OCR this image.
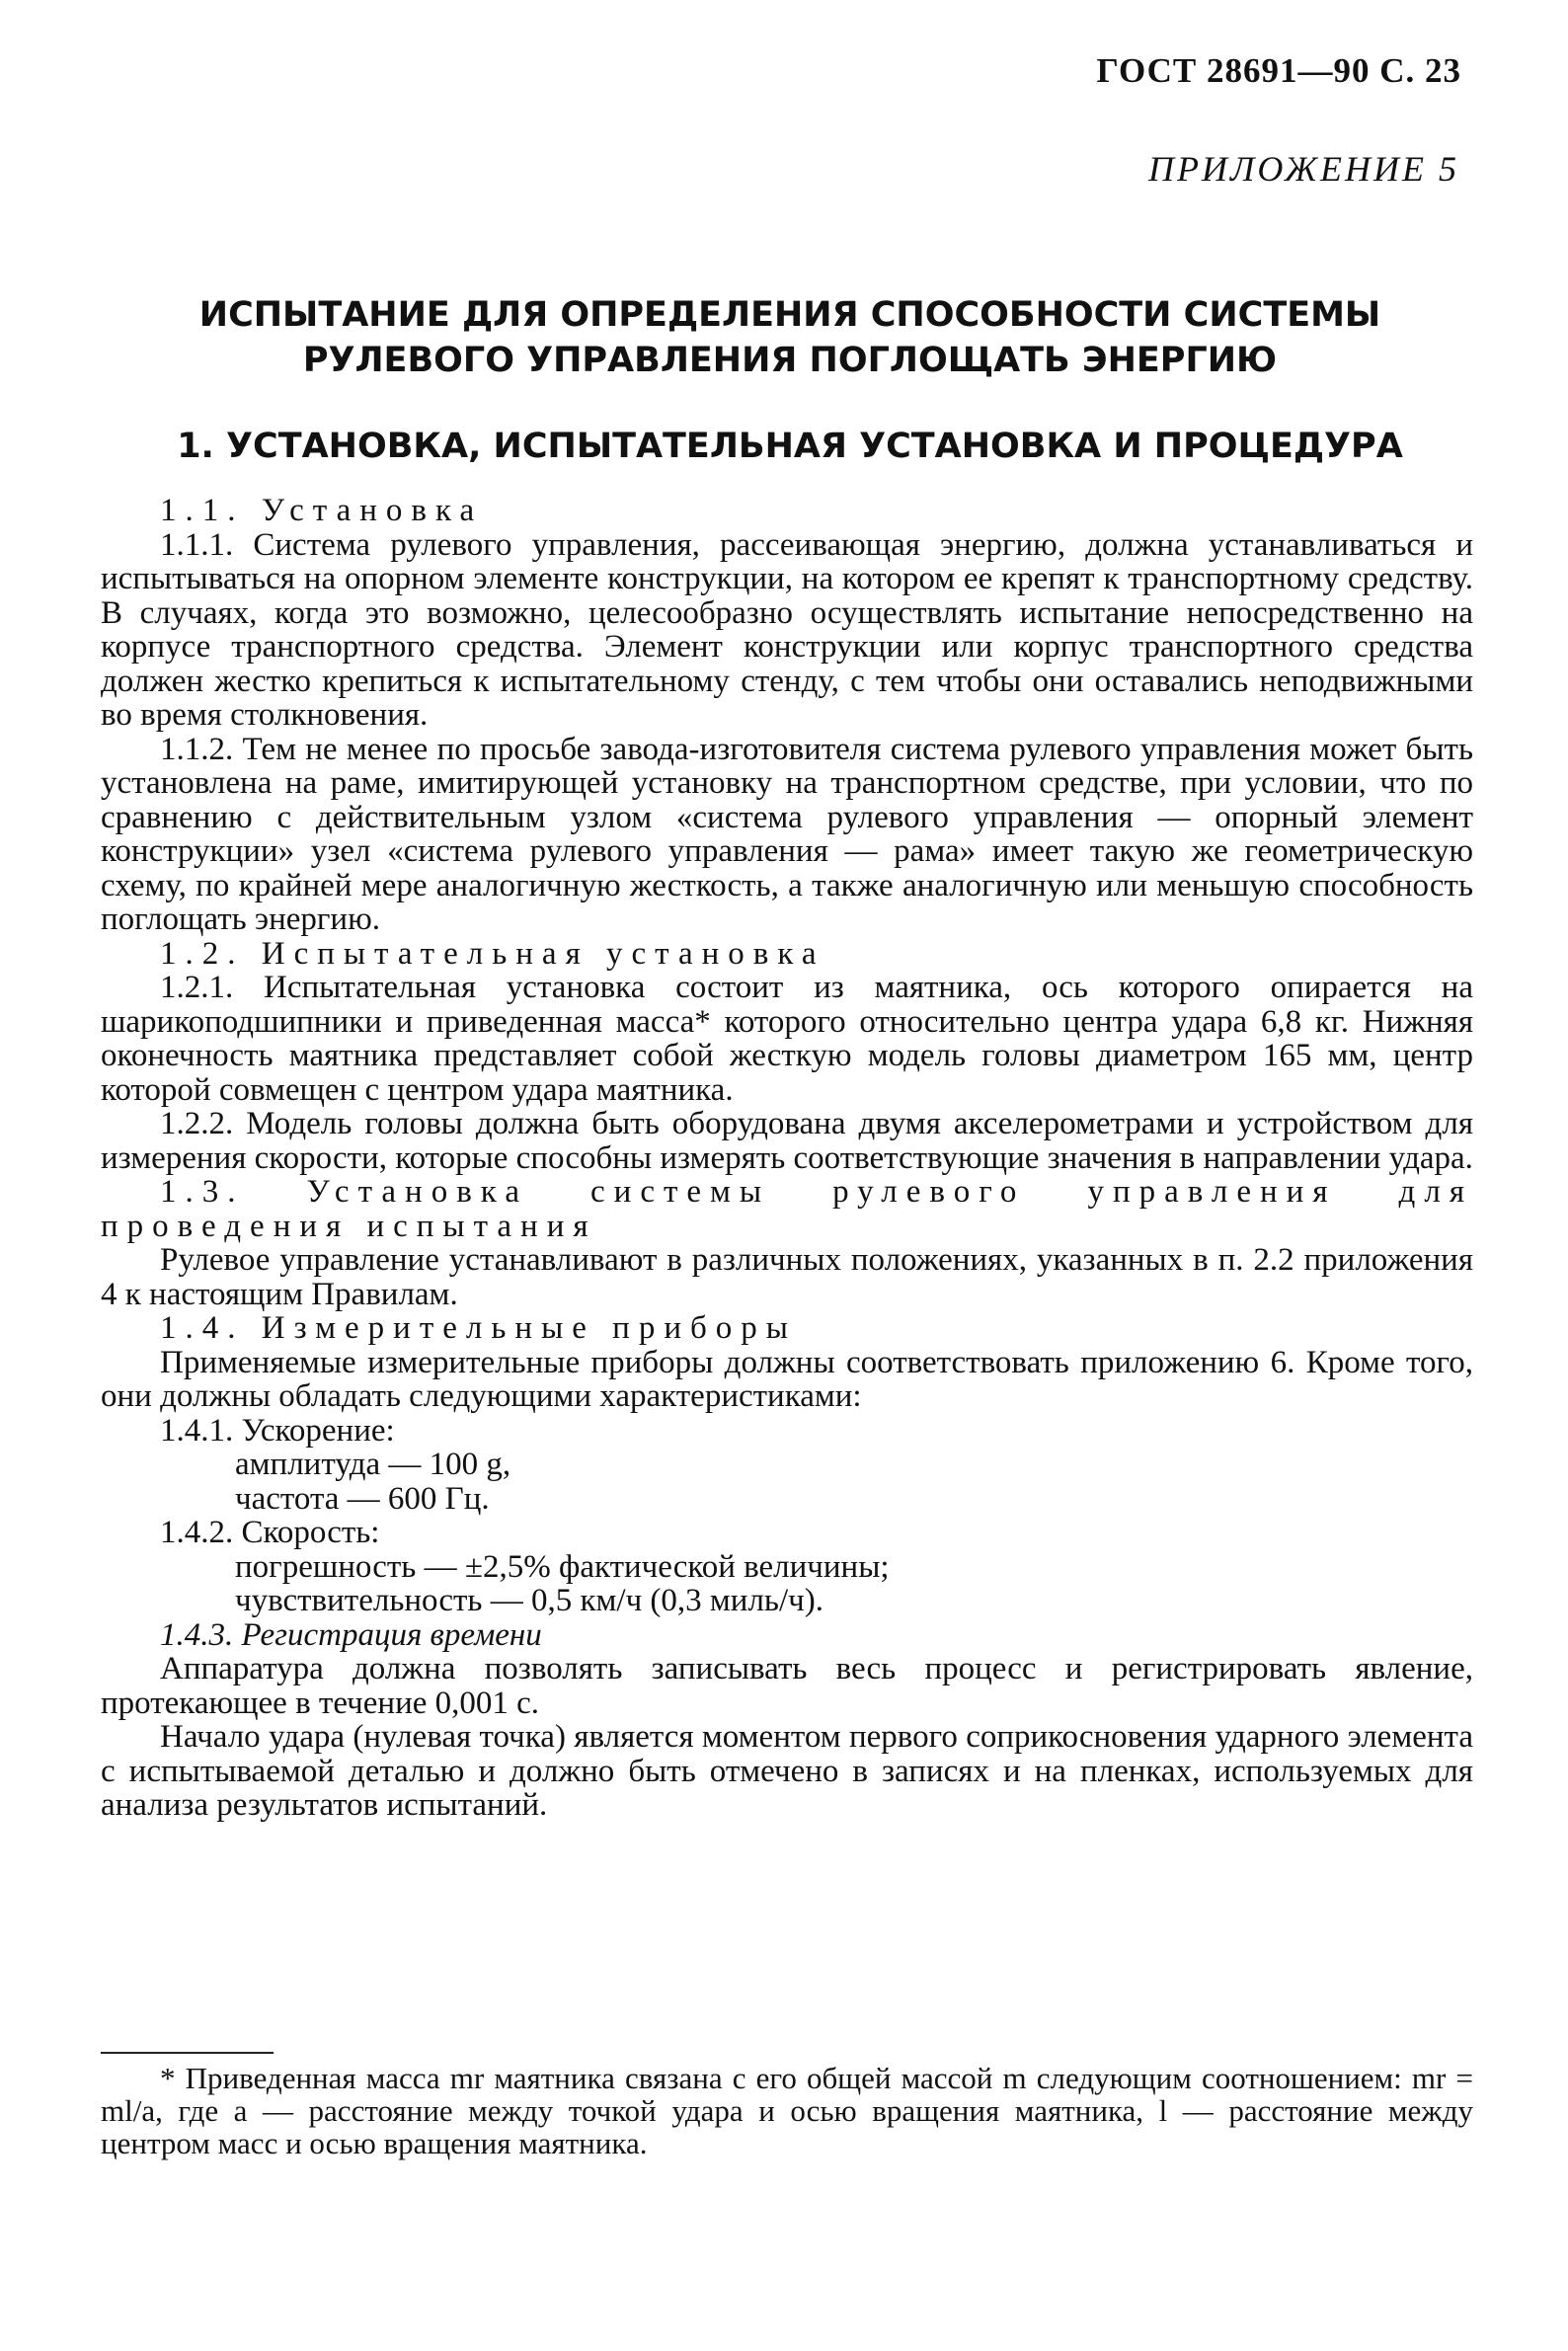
ГОСТ 28691—90 С. 23
ПРИЛОЖЕНИЕ 5
ИСПЫТАНИЕ ДЛЯ ОПРЕДЕЛЕНИЯ СПОСОБНОСТИ СИСТЕМЫ
РУЛЕВОГО УПРАВЛЕНИЯ ПОГЛОЩАТЬ ЭНЕРГИЮ
1. УСТАНОВКА, ИСПЫТАТЕЛЬНАЯ УСТАНОВКА И ПРОЦЕДУРА

1.1. Установка

1.1.1. Система рулевого управления, рассеивающая энергию, должна устанавливаться и испытываться на опорном элементе конструкции, на котором ее крепят к транспортному средству. В случаях, когда это возможно, целесообразно осуществлять испытание непосредственно на корпусе транспортного средства. Элемент конструкции или корпус транспортного средства должен жестко крепиться к испытательному стенду, с тем чтобы они оставались неподвижными во время столкновения.

1.1.2. Тем не менее по просьбе завода-изготовителя система рулевого управления может быть установлена на раме, имитирующей установку на транспортном средстве, при условии, что по сравнению с действительным узлом «система рулевого управления — опорный элемент конструкции» узел «система рулевого управления — рама» имеет такую же геометрическую схему, по крайней мере аналогичную жесткость, а также аналогичную или меньшую способность поглощать энергию.

1.2. Испытательная установка

1.2.1. Испытательная установка состоит из маятника, ось которого опирается на шарикоподшипники и приведенная масса* которого относительно центра удара 6,8 кг. Нижняя оконечность маятника представляет собой жесткую модель головы диаметром 165 мм, центр которой совмещен с центром удара маятника.

1.2.2. Модель головы должна быть оборудована двумя акселерометрами и устройством для измерения скорости, которые способны измерять соответствующие значения в направлении удара.

1.3. Установка системы рулевого управления для проведения испытания

Рулевое управление устанавливают в различных положениях, указанных в п. 2.2 приложения 4 к настоящим Правилам.

1.4. Измерительные приборы

Применяемые измерительные приборы должны соответствовать приложению 6. Кроме того, они должны обладать следующими характеристиками:

1.4.1. Ускорение:

амплитуда — 100 g,

частота — 600 Гц.

1.4.2. Скорость:

погрешность — ±2,5% фактической величины;

чувствительность — 0,5 км/ч (0,3 миль/ч).

1.4.3. Регистрация времени

Аппаратура должна позволять записывать весь процесс и регистрировать явление, протекающее в течение 0,001 с.

Начало удара (нулевая точка) является моментом первого соприкосновения ударного элемента с испытываемой деталью и должно быть отмечено в записях и на пленках, используемых для анализа результатов испытаний.

* Приведенная масса mr маятника связана с его общей массой m следующим соотношением: mr = ml/a, где a — расстояние между точкой удара и осью вращения маятника, l — расстояние между центром масс и осью вращения маятника.
